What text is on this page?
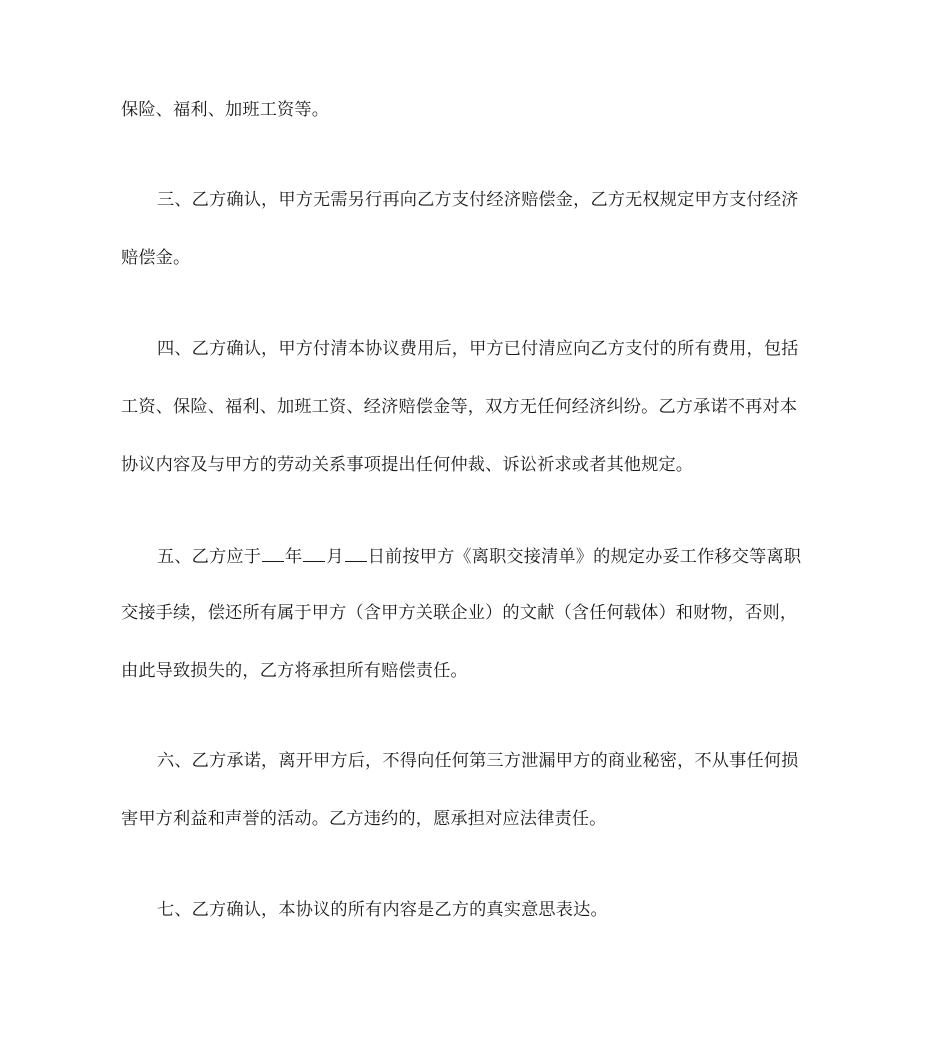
保险、福利、加班工资等。
三、乙方确认，甲方无需另行再向乙方支付经济赔偿金，乙方无权规定甲方支付经济
赔偿金。
四、乙方确认，甲方付清本协议费用后，甲方已付清应向乙方支付的所有费用，包括
工资、保险、福利、加班工资、经济赔偿金等，双方无任何经济纠纷。乙方承诺不再对本
协议内容及与甲方的劳动关系事项提出任何仲裁、诉讼祈求或者其他规定。
五、乙方应于 年 月 日前按甲方《离职交接清单》的规定办妥工作移交等离职
交接手续，偿还所有属于甲方（含甲方关联企业）的文献（含任何载体）和财物，否则，
由此导致损失的，乙方将承担所有赔偿责任。
六、乙方承诺，离开甲方后，不得向任何第三方泄漏甲方的商业秘密，不从事任何损
害甲方利益和声誉的活动。乙方违约的，愿承担对应法律责任。
七、乙方确认，本协议的所有内容是乙方的真实意思表达。
